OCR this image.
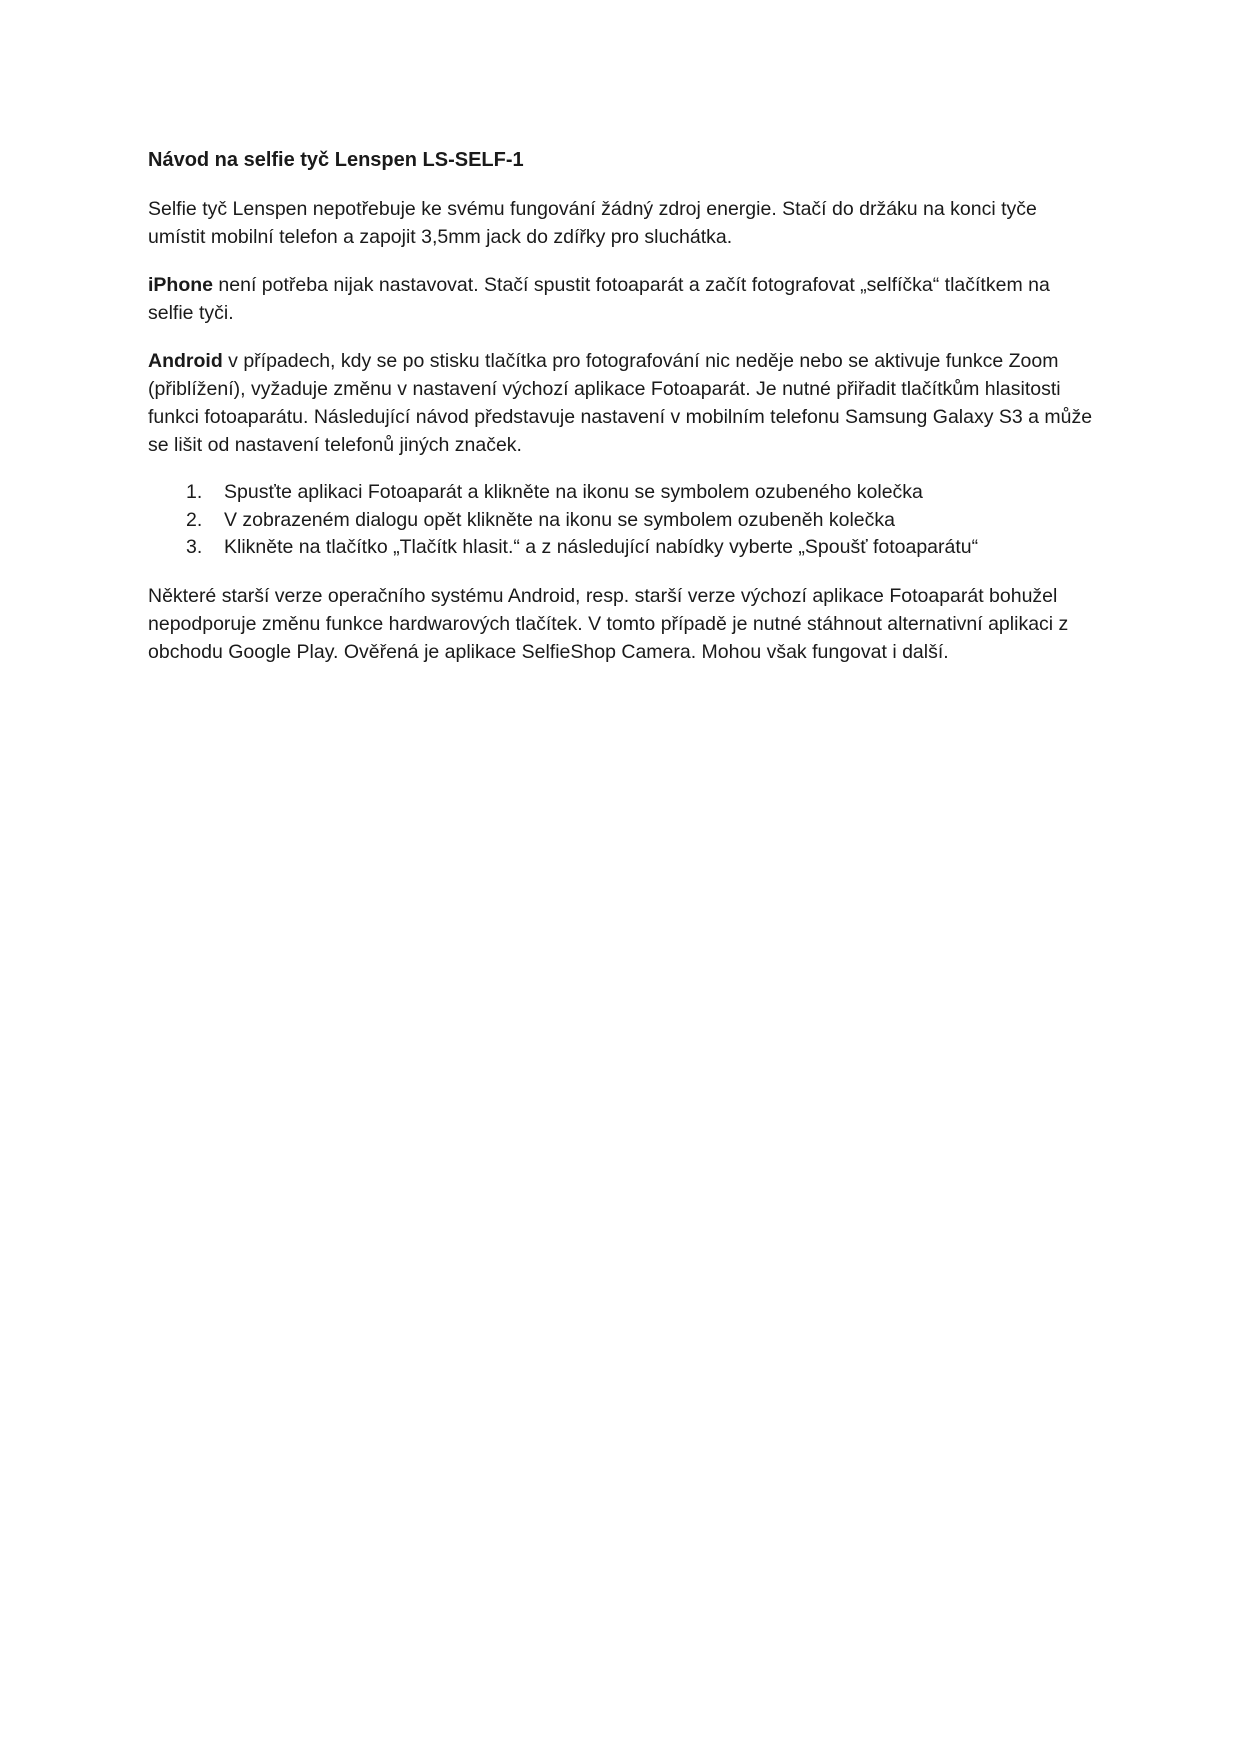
Návod na selfie tyč Lenspen LS-SELF-1

Selfie tyč Lenspen nepotřebuje ke svému fungování žádný zdroj energie. Stačí do držáku na konci tyče umístit mobilní telefon a zapojit 3,5mm jack do zdířky pro sluchátka.

iPhone není potřeba nijak nastavovat. Stačí spustit fotoaparát a začít fotografovat „selfíčka“ tlačítkem na selfie tyči.

Android v případech, kdy se po stisku tlačítka pro fotografování nic neděje nebo se aktivuje funkce Zoom (přiblížení), vyžaduje změnu v nastavení výchozí aplikace Fotoaparát. Je nutné přiřadit tlačítkům hlasitosti funkci fotoaparátu. Následující návod představuje nastavení v mobilním telefonu Samsung Galaxy S3 a může se lišit od nastavení telefonů jiných značek.

1.	Spusťte aplikaci Fotoaparát a klikněte na ikonu se symbolem ozubeného kolečka
2.	V zobrazeném dialogu opět klikněte na ikonu se symbolem ozubeněh kolečka
3.	Klikněte na tlačítko „Tlačítk hlasit.“ a z následující nabídky vyberte „Spoušť fotoaparátu“

Některé starší verze operačního systému Android, resp. starší verze výchozí aplikace Fotoaparát bohužel nepodporuje změnu funkce hardwarových tlačítek. V tomto případě je nutné stáhnout alternativní aplikaci z obchodu Google Play. Ověřená je aplikace SelfieShop Camera. Mohou však fungovat i další.
